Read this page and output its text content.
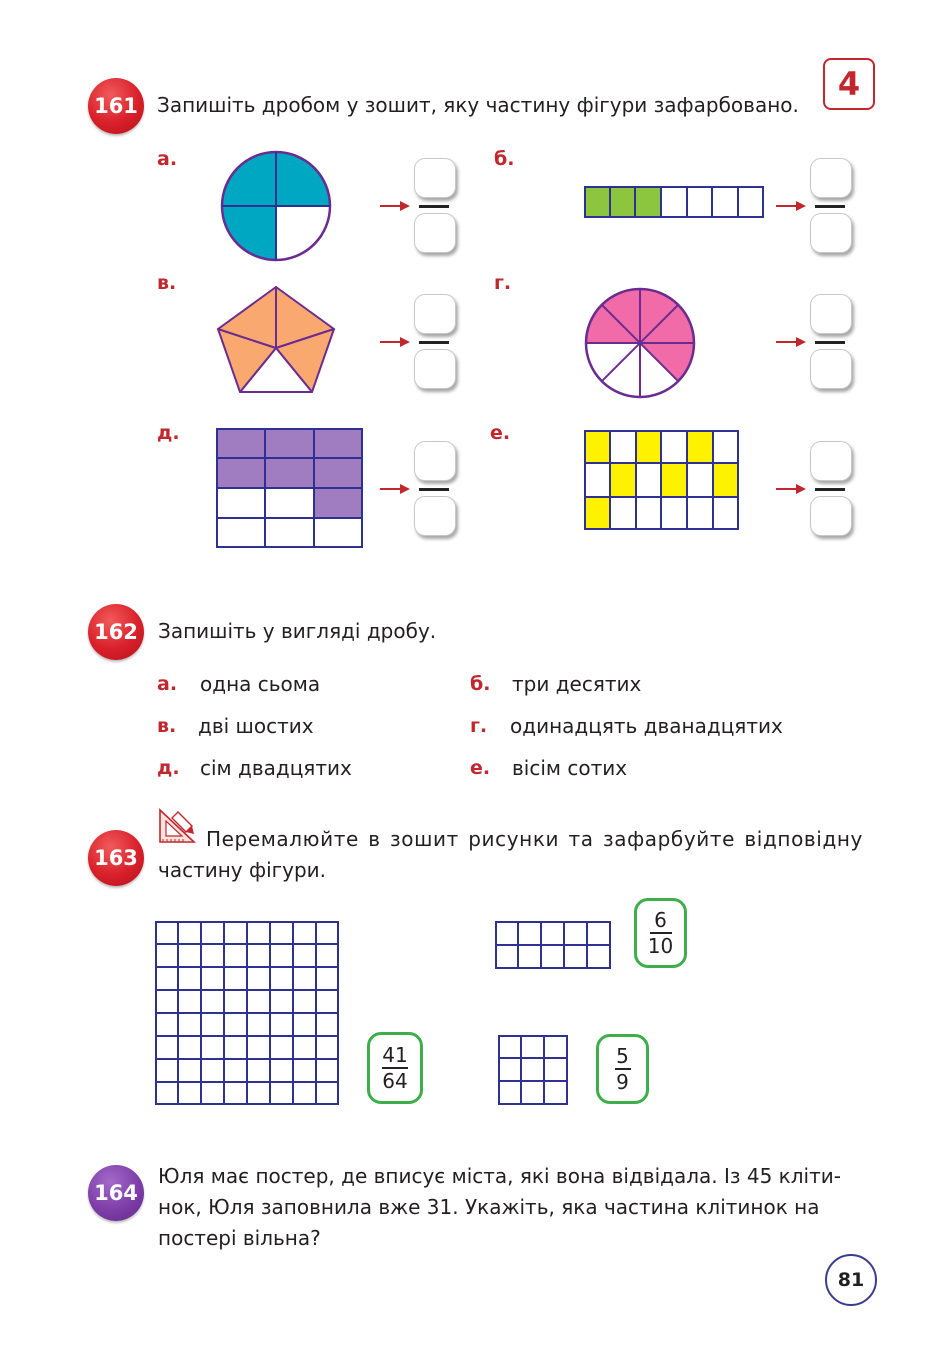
4
161 Запишіть дробом у зошит, яку частину фігури зафарбовано.
а.	б.
в.	г.
д.	е.
162	Запишіть у вигляді дробу.
а. одна сьома	б. три десятих
в. дві шостих	г. одинадцять дванадцятих
д. сім двадцятих	е. вісім сотих
163
Перемалюйте в зошит рисунки та зафарбуйте відповідну
частину фігури.
41
64
6
10
5
9
164
Юля має постер, де вписує міста, які вона відвідала. Із 45 кліти-
нок, Юля заповнила вже 31. Укажіть, яка частина клітинок на
постері вільна?
81
